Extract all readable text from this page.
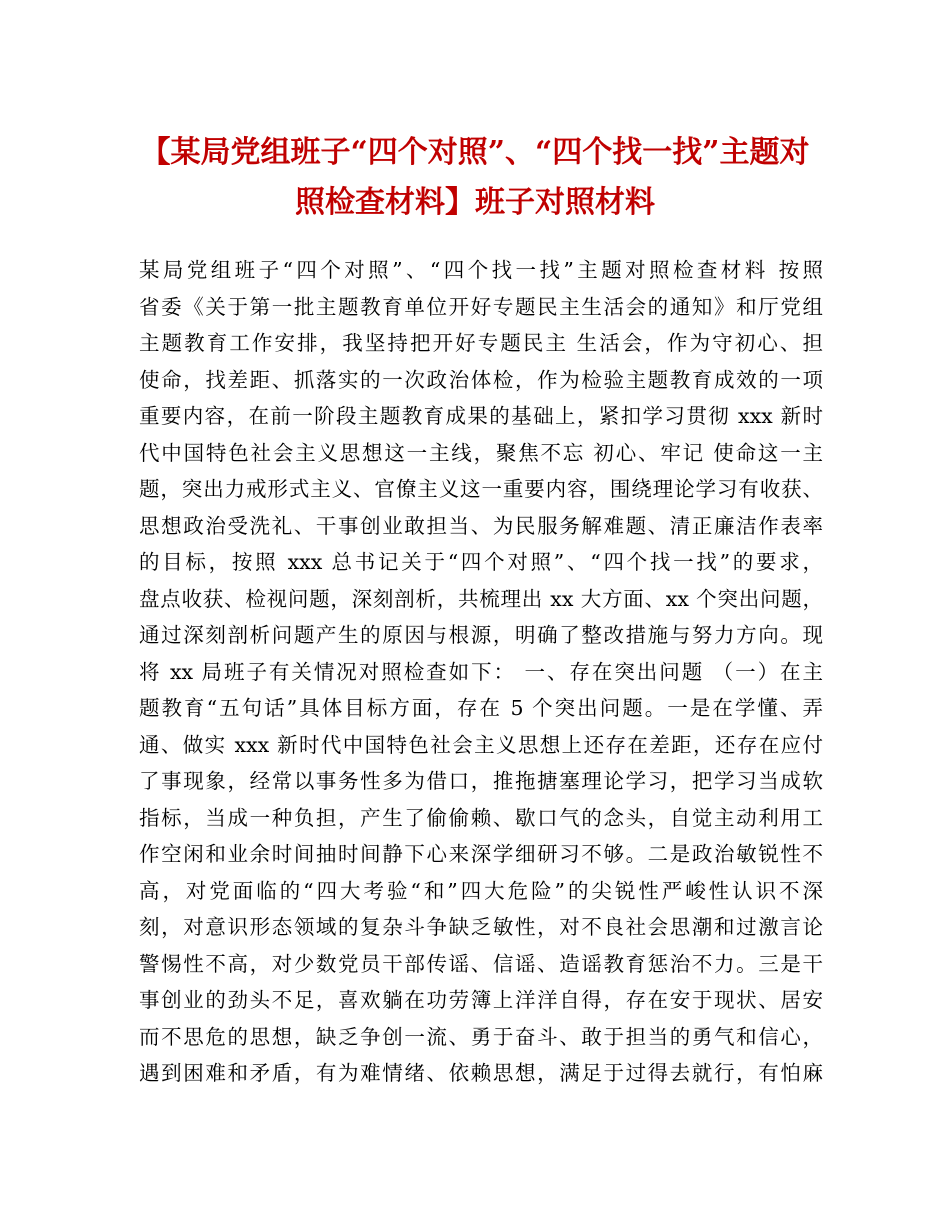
【某局党组班子“四个对照”、“四个找一找”主题对
照检查材料】班子对照材料
某局党组班子“四个对照”、“四个找一找”主题对照检查材料 按照
省委《关于第一批主题教育单位开好专题民主生活会的通知》和厅党组
主题教育工作安排，我坚持把开好专题民主 生活会，作为守初心、担
使命，找差距、抓落实的一次政治体检，作为检验主题教育成效的一项
重要内容，在前一阶段主题教育成果的基础上，紧扣学习贯彻 xxx 新时
代中国特色社会主义思想这一主线，聚焦不忘 初心、牢记 使命这一主
题，突出力戒形式主义、官僚主义这一重要内容，围绕理论学习有收获、
思想政治受洗礼、干事创业敢担当、为民服务解难题、清正廉洁作表率
的目标，按照 xxx 总书记关于“四个对照”、“四个找一找”的要求，
盘点收获、检视问题，深刻剖析，共梳理出 xx 大方面、xx 个突出问题，
通过深刻剖析问题产生的原因与根源，明确了整改措施与努力方向。现
将 xx 局班子有关情况对照检查如下： 一、存在突出问题 （一）在主
题教育“五句话”具体目标方面，存在 5 个突出问题。一是在学懂、弄
通、做实 xxx 新时代中国特色社会主义思想上还存在差距，还存在应付
了事现象，经常以事务性多为借口，推拖搪塞理论学习，把学习当成软
指标，当成一种负担，产生了偷偷赖、歇口气的念头，自觉主动利用工
作空闲和业余时间抽时间静下心来深学细研习不够。二是政治敏锐性不
高，对党面临的“四大考验“和”四大危险”的尖锐性严峻性认识不深
刻，对意识形态领域的复杂斗争缺乏敏性，对不良社会思潮和过激言论
警惕性不高，对少数党员干部传谣、信谣、造谣教育惩治不力。三是干
事创业的劲头不足，喜欢躺在功劳簿上洋洋自得，存在安于现状、居安
而不思危的思想，缺乏争创一流、勇于奋斗、敢于担当的勇气和信心，
遇到困难和矛盾，有为难情绪、依赖思想，满足于过得去就行，有怕麻
